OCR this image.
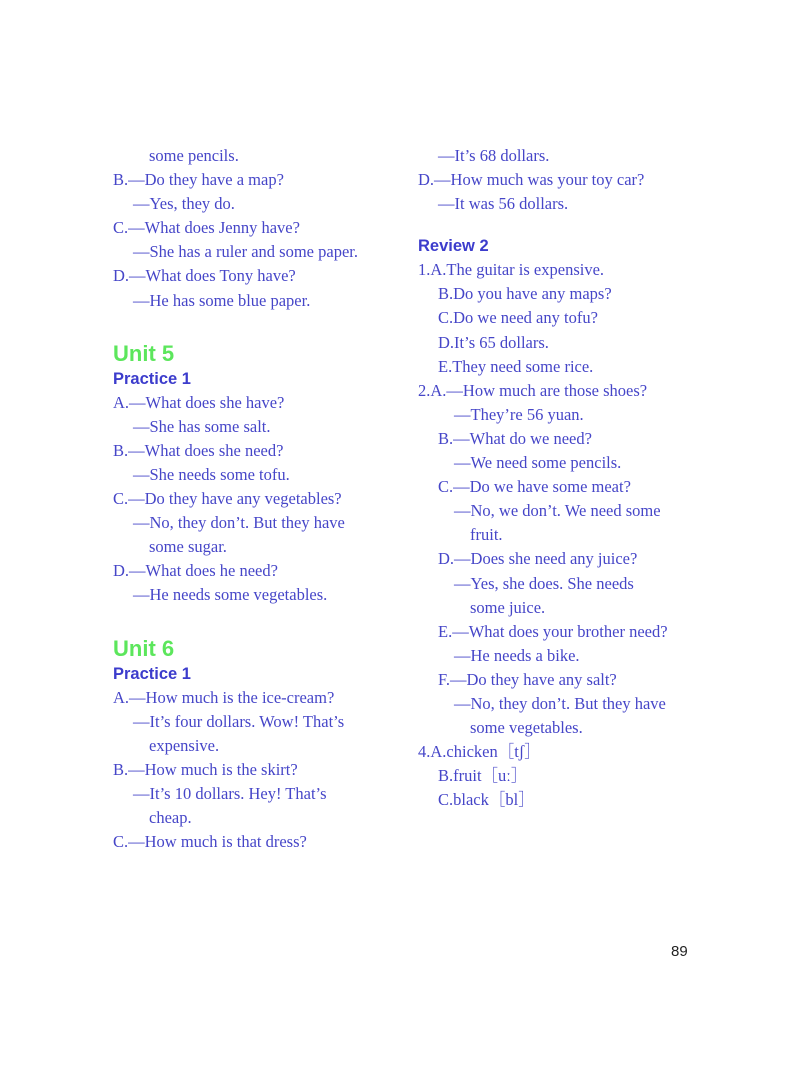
some pencils.
B.—Do they have a map?
—Yes, they do.
C.—What does Jenny have?
—She has a ruler and some paper.
D.—What does Tony have?
—He has some blue paper.
Unit 5
Practice 1
A.—What does she have?
—She has some salt.
B.—What does she need?
—She needs some tofu.
C.—Do they have any vegetables?
—No, they don’t. But they have
some sugar.
D.—What does he need?
—He needs some vegetables.
Unit 6
Practice 1
A.—How much is the ice-cream?
—It’s four dollars. Wow! That’s
expensive.
B.—How much is the skirt?
—It’s 10 dollars. Hey! That’s
cheap.
C.—How much is that dress?
—It’s 68 dollars.
D.—How much was your toy car?
—It was 56 dollars.
Review 2
1.A.The guitar is expensive.
B.Do you have any maps?
C.Do we need any tofu?
D.It’s 65 dollars.
E.They need some rice.
2.A.—How much are those shoes?
—They’re 56 yuan.
B.—What do we need?
—We need some pencils.
C.—Do we have some meat?
—No, we don’t. We need some
fruit.
D.—Does she need any juice?
—Yes, she does. She needs
some juice.
E.—What does your brother need?
—He needs a bike.
F.—Do they have any salt?
—No, they don’t. But they have
some vegetables.
4.A.chicken［tʃ］
B.fruit［uː］
C.black［bl］
89
